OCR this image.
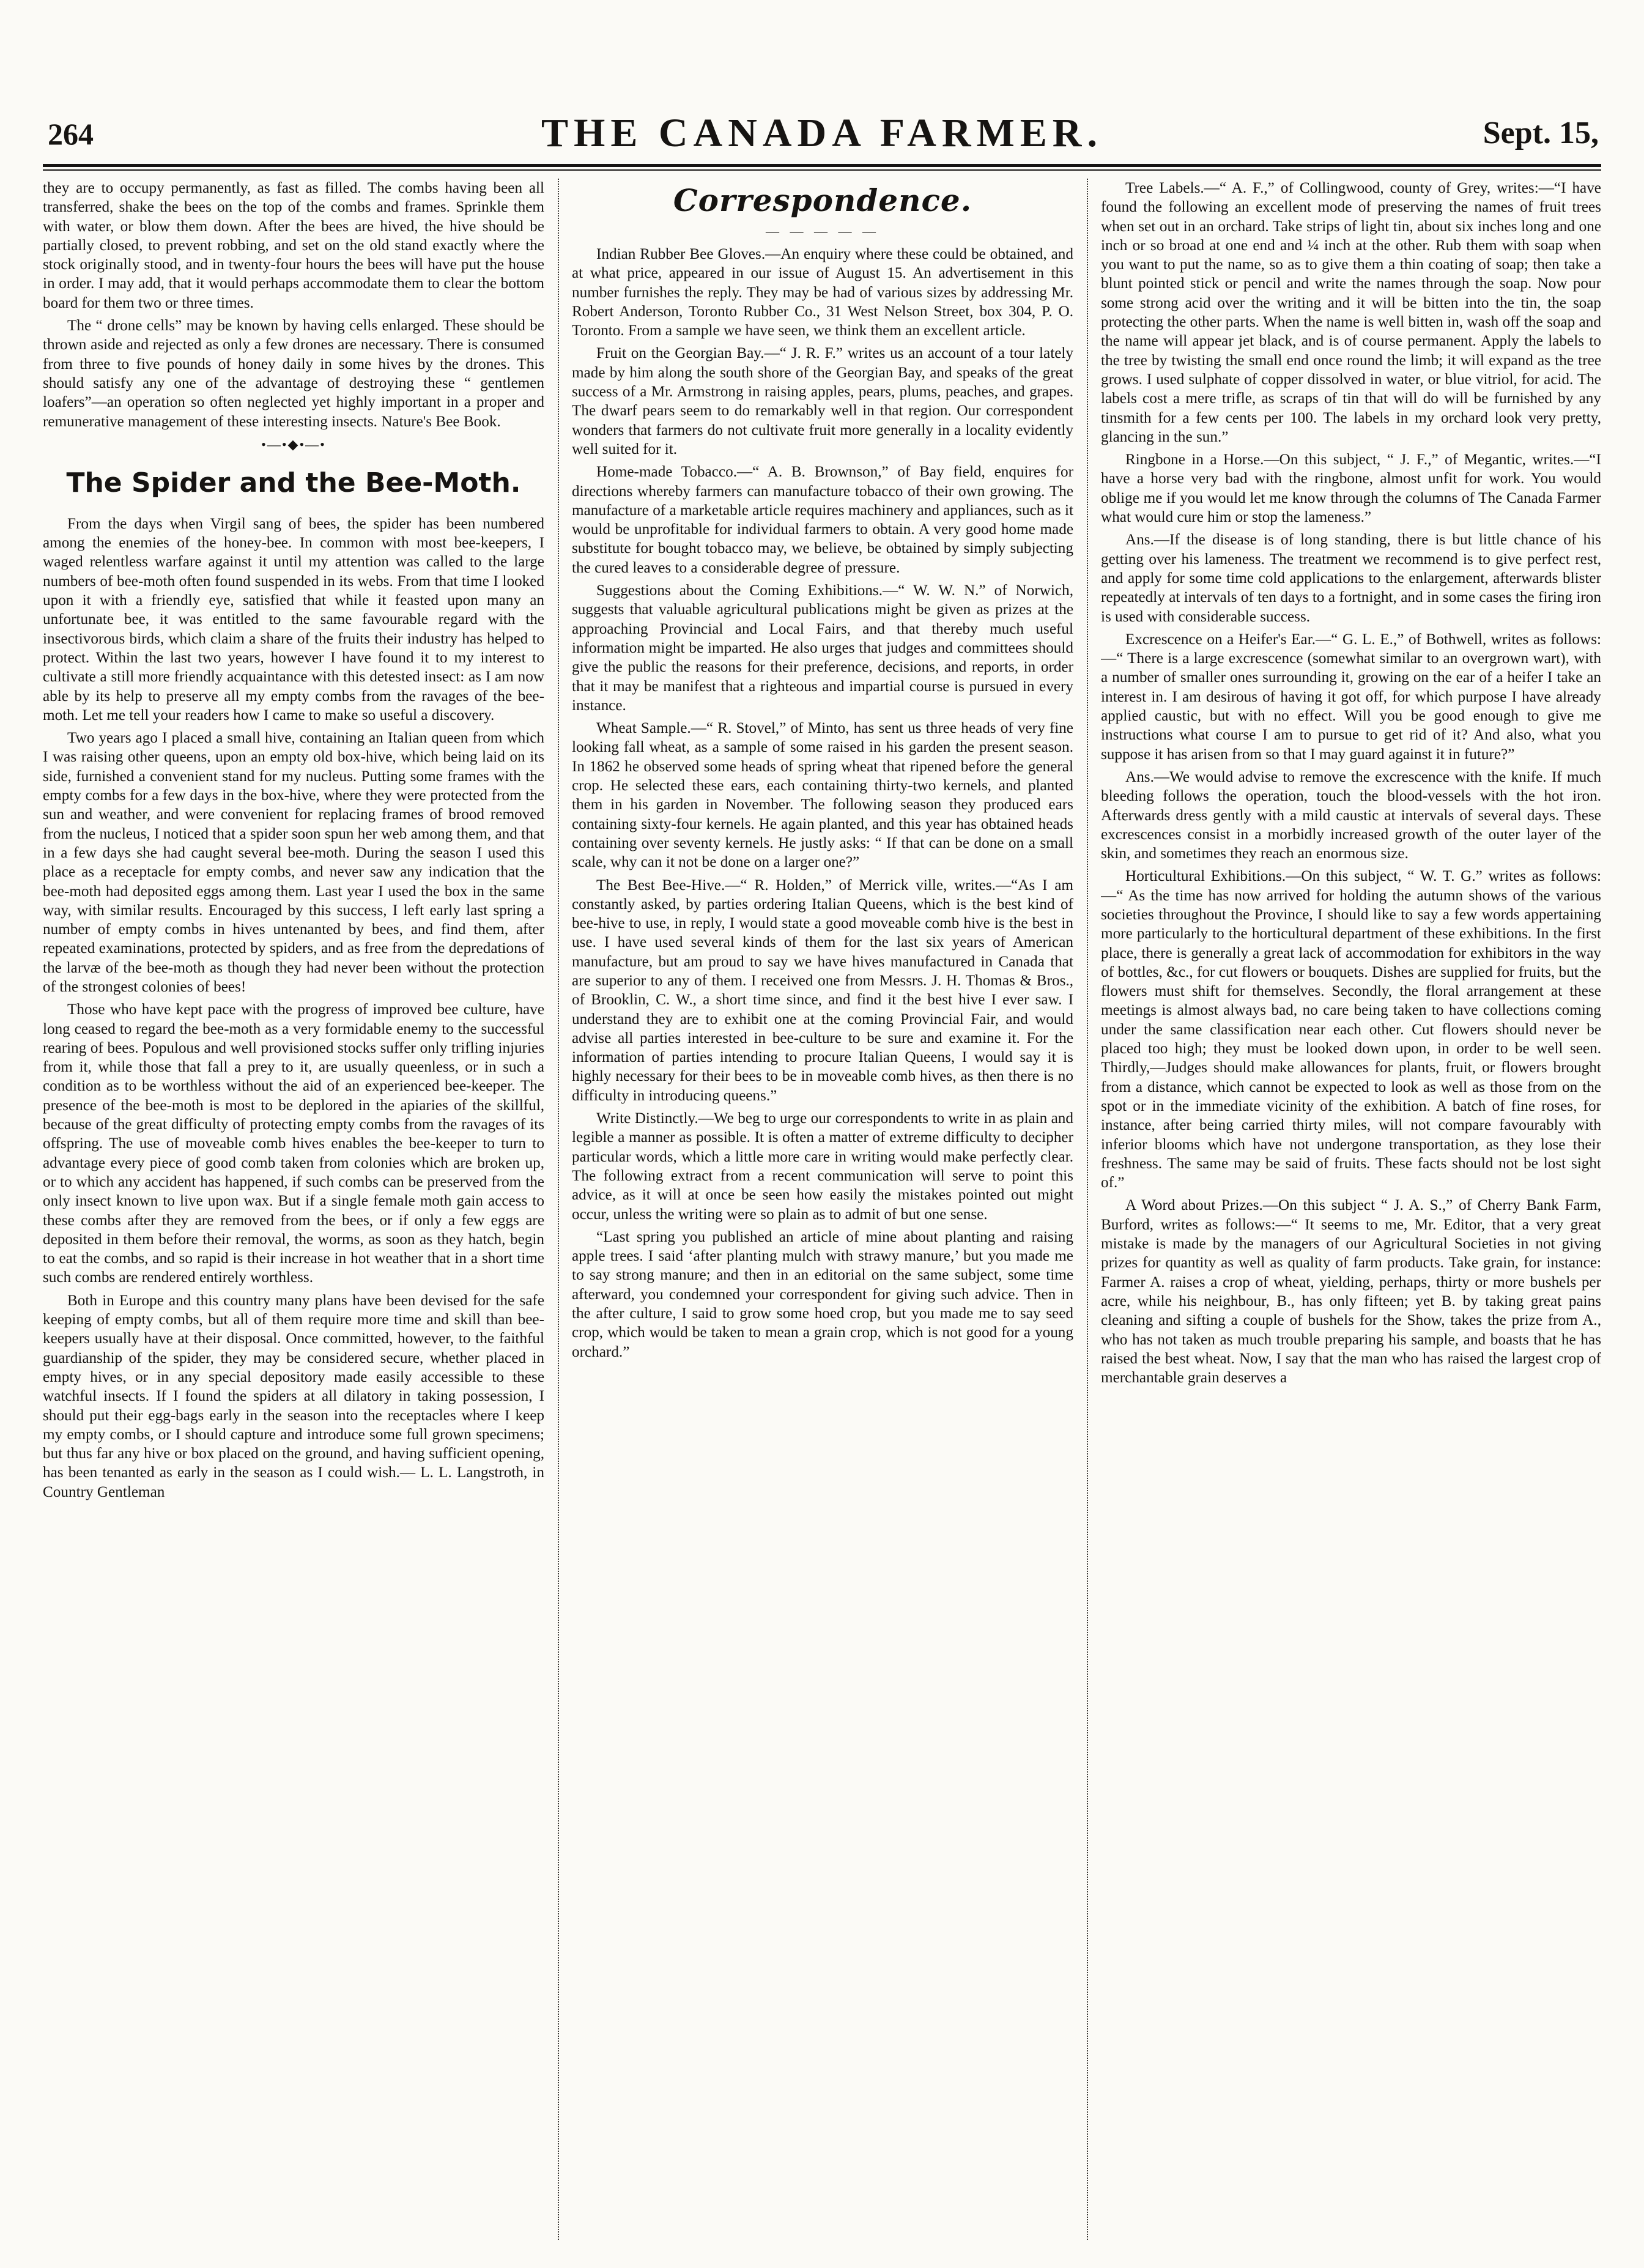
264	THE CANADA FARMER.	Sept. 15,

they are to occupy permanently, as fast as filled. The combs having been all transferred, shake the bees on the top of the combs and frames. Sprinkle them with water, or blow them down. After the bees are hived, the hive should be partially closed, to prevent robbing, and set on the old stand exactly where the stock originally stood, and in twenty-four hours the bees will have put the house in order. I may add, that it would perhaps accommodate them to clear the bottom board for them two or three times.

The “ drone cells” may be known by having cells enlarged. These should be thrown aside and rejected as only a few drones are necessary. There is consumed from three to five pounds of honey daily in some hives by the drones. This should satisfy any one of the advantage of destroying these “ gentlemen loafers”—an operation so often neglected yet highly important in a proper and remunerative management of these interesting insects. Nature's Bee Book.

•—•◆•—•
The Spider and the Bee-Moth.

From the days when Virgil sang of bees, the spider has been numbered among the enemies of the honey-bee. In common with most bee-keepers, I waged relentless warfare against it until my attention was called to the large numbers of bee-moth often found suspended in its webs. From that time I looked upon it with a friendly eye, satisfied that while it feasted upon many an unfortunate bee, it was entitled to the same favourable regard with the insectivorous birds, which claim a share of the fruits their industry has helped to protect. Within the last two years, however I have found it to my interest to cultivate a still more friendly acquaintance with this detested insect: as I am now able by its help to preserve all my empty combs from the ravages of the bee-moth. Let me tell your readers how I came to make so useful a discovery.

Two years ago I placed a small hive, containing an Italian queen from which I was raising other queens, upon an empty old box-hive, which being laid on its side, furnished a convenient stand for my nucleus. Putting some frames with the empty combs for a few days in the box-hive, where they were protected from the sun and weather, and were convenient for replacing frames of brood removed from the nucleus, I noticed that a spider soon spun her web among them, and that in a few days she had caught several bee-moth. During the season I used this place as a receptacle for empty combs, and never saw any indication that the bee-moth had deposited eggs among them. Last year I used the box in the same way, with similar results. Encouraged by this success, I left early last spring a number of empty combs in hives untenanted by bees, and find them, after repeated examinations, protected by spiders, and as free from the depredations of the larvæ of the bee-moth as though they had never been without the protection of the strongest colonies of bees!

Those who have kept pace with the progress of improved bee culture, have long ceased to regard the bee-moth as a very formidable enemy to the successful rearing of bees. Populous and well provisioned stocks suffer only trifling injuries from it, while those that fall a prey to it, are usually queenless, or in such a condition as to be worthless without the aid of an experienced bee-keeper. The presence of the bee-moth is most to be deplored in the apiaries of the skillful, because of the great difficulty of protecting empty combs from the ravages of its offspring. The use of moveable comb hives enables the bee-keeper to turn to advantage every piece of good comb taken from colonies which are broken up, or to which any accident has happened, if such combs can be preserved from the only insect known to live upon wax. But if a single female moth gain access to these combs after they are removed from the bees, or if only a few eggs are deposited in them before their removal, the worms, as soon as they hatch, begin to eat the combs, and so rapid is their increase in hot weather that in a short time such combs are rendered entirely worthless.

Both in Europe and this country many plans have been devised for the safe keeping of empty combs, but all of them require more time and skill than bee-keepers usually have at their disposal. Once committed, however, to the faithful guardianship of the spider, they may be considered secure, whether placed in empty hives, or in any special depository made easily accessible to these watchful insects. If I found the spiders at all dilatory in taking possession, I should put their egg-bags early in the season into the receptacles where I keep my empty combs, or I should capture and introduce some full grown specimens; but thus far any hive or box placed on the ground, and having sufficient opening, has been tenanted as early in the season as I could wish.— L. L. Langstroth, in Country Gentleman

Correspondence.
— — — — —

Indian Rubber Bee Gloves.—An enquiry where these could be obtained, and at what price, appeared in our issue of August 15. An advertisement in this number furnishes the reply. They may be had of various sizes by addressing Mr. Robert Anderson, Toronto Rubber Co., 31 West Nelson Street, box 304, P. O. Toronto. From a sample we have seen, we think them an excellent article.

Fruit on the Georgian Bay.—“ J. R. F.” writes us an account of a tour lately made by him along the south shore of the Georgian Bay, and speaks of the great success of a Mr. Armstrong in raising apples, pears, plums, peaches, and grapes. The dwarf pears seem to do remarkably well in that region. Our correspondent wonders that farmers do not cultivate fruit more generally in a locality evidently well suited for it.

Home-made Tobacco.—“ A. B. Brownson,” of Bay field, enquires for directions whereby farmers can manufacture tobacco of their own growing. The manufacture of a marketable article requires machinery and appliances, such as it would be unprofitable for individual farmers to obtain. A very good home made substitute for bought tobacco may, we believe, be obtained by simply subjecting the cured leaves to a considerable degree of pressure.

Suggestions about the Coming Exhibitions.—“ W. W. N.” of Norwich, suggests that valuable agricultural publications might be given as prizes at the approaching Provincial and Local Fairs, and that thereby much useful information might be imparted. He also urges that judges and committees should give the public the reasons for their preference, decisions, and reports, in order that it may be manifest that a righteous and impartial course is pursued in every instance.

Wheat Sample.—“ R. Stovel,” of Minto, has sent us three heads of very fine looking fall wheat, as a sample of some raised in his garden the present season. In 1862 he observed some heads of spring wheat that ripened before the general crop. He selected these ears, each containing thirty-two kernels, and planted them in his garden in November. The following season they produced ears containing sixty-four kernels. He again planted, and this year has obtained heads containing over seventy kernels. He justly asks: “ If that can be done on a small scale, why can it not be done on a larger one?”

The Best Bee-Hive.—“ R. Holden,” of Merrick ville, writes.—“As I am constantly asked, by parties ordering Italian Queens, which is the best kind of bee-hive to use, in reply, I would state a good moveable comb hive is the best in use. I have used several kinds of them for the last six years of American manufacture, but am proud to say we have hives manufactured in Canada that are superior to any of them. I received one from Messrs. J. H. Thomas & Bros., of Brooklin, C. W., a short time since, and find it the best hive I ever saw. I understand they are to exhibit one at the coming Provincial Fair, and would advise all parties interested in bee-culture to be sure and examine it. For the information of parties intending to procure Italian Queens, I would say it is highly necessary for their bees to be in moveable comb hives, as then there is no difficulty in introducing queens.”

Write Distinctly.—We beg to urge our correspondents to write in as plain and legible a manner as possible. It is often a matter of extreme difficulty to decipher particular words, which a little more care in writing would make perfectly clear. The following extract from a recent communication will serve to point this advice, as it will at once be seen how easily the mistakes pointed out might occur, unless the writing were so plain as to admit of but one sense.

“Last spring you published an article of mine about planting and raising apple trees. I said ‘after planting mulch with strawy manure,’ but you made me to say strong manure; and then in an editorial on the same subject, some time afterward, you condemned your correspondent for giving such advice. Then in the after culture, I said to grow some hoed crop, but you made me to say seed crop, which would be taken to mean a grain crop, which is not good for a young orchard.”

Tree Labels.—“ A. F.,” of Collingwood, county of Grey, writes:—“I have found the following an excellent mode of preserving the names of fruit trees when set out in an orchard. Take strips of light tin, about six inches long and one inch or so broad at one end and ¼ inch at the other. Rub them with soap when you want to put the name, so as to give them a thin coating of soap; then take a blunt pointed stick or pencil and write the names through the soap. Now pour some strong acid over the writing and it will be bitten into the tin, the soap protecting the other parts. When the name is well bitten in, wash off the soap and the name will appear jet black, and is of course permanent. Apply the labels to the tree by twisting the small end once round the limb; it will expand as the tree grows. I used sulphate of copper dissolved in water, or blue vitriol, for acid. The labels cost a mere trifle, as scraps of tin that will do will be furnished by any tinsmith for a few cents per 100. The labels in my orchard look very pretty, glancing in the sun.”

Ringbone in a Horse.—On this subject, “ J. F.,” of Megantic, writes.—“I have a horse very bad with the ringbone, almost unfit for work. You would oblige me if you would let me know through the columns of The Canada Farmer what would cure him or stop the lameness.”

Ans.—If the disease is of long standing, there is but little chance of his getting over his lameness. The treatment we recommend is to give perfect rest, and apply for some time cold applications to the enlargement, afterwards blister repeatedly at intervals of ten days to a fortnight, and in some cases the firing iron is used with considerable success.

Excrescence on a Heifer's Ear.—“ G. L. E.,” of Bothwell, writes as follows:—“ There is a large excrescence (somewhat similar to an overgrown wart), with a number of smaller ones surrounding it, growing on the ear of a heifer I take an interest in. I am desirous of having it got off, for which purpose I have already applied caustic, but with no effect. Will you be good enough to give me instructions what course I am to pursue to get rid of it? And also, what you suppose it has arisen from so that I may guard against it in future?”

Ans.—We would advise to remove the excrescence with the knife. If much bleeding follows the operation, touch the blood-vessels with the hot iron. Afterwards dress gently with a mild caustic at intervals of several days. These excrescences consist in a morbidly increased growth of the outer layer of the skin, and sometimes they reach an enormous size.

Horticultural Exhibitions.—On this subject, “ W. T. G.” writes as follows:—“ As the time has now arrived for holding the autumn shows of the various societies throughout the Province, I should like to say a few words appertaining more particularly to the horticultural department of these exhibitions. In the first place, there is generally a great lack of accommodation for exhibitors in the way of bottles, &c., for cut flowers or bouquets. Dishes are supplied for fruits, but the flowers must shift for themselves. Secondly, the floral arrangement at these meetings is almost always bad, no care being taken to have collections coming under the same classification near each other. Cut flowers should never be placed too high; they must be looked down upon, in order to be well seen. Thirdly,—Judges should make allowances for plants, fruit, or flowers brought from a distance, which cannot be expected to look as well as those from on the spot or in the immediate vicinity of the exhibition. A batch of fine roses, for instance, after being carried thirty miles, will not compare favourably with inferior blooms which have not undergone transportation, as they lose their freshness. The same may be said of fruits. These facts should not be lost sight of.”

A Word about Prizes.—On this subject “ J. A. S.,” of Cherry Bank Farm, Burford, writes as follows:—“ It seems to me, Mr. Editor, that a very great mistake is made by the managers of our Agricultural Societies in not giving prizes for quantity as well as quality of farm products. Take grain, for instance: Farmer A. raises a crop of wheat, yielding, perhaps, thirty or more bushels per acre, while his neighbour, B., has only fifteen; yet B. by taking great pains cleaning and sifting a couple of bushels for the Show, takes the prize from A., who has not taken as much trouble preparing his sample, and boasts that he has raised the best wheat. Now, I say that the man who has raised the largest crop of merchantable grain deserves a
